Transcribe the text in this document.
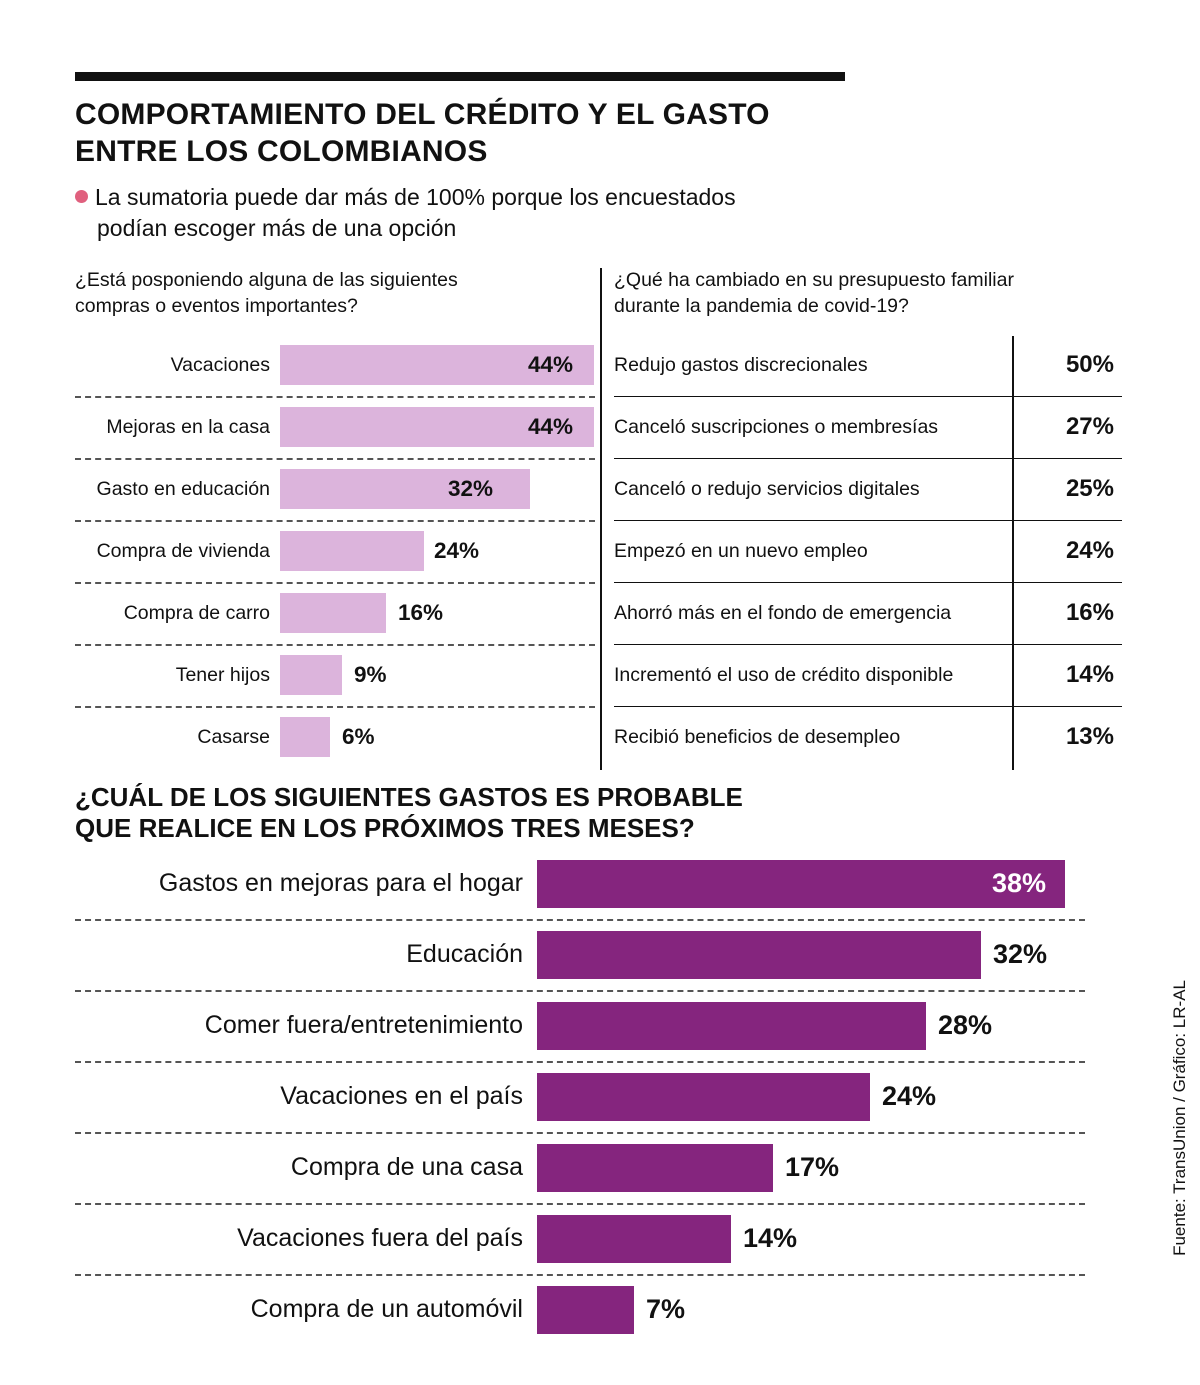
COMPORTAMIENTO DEL CRÉDITO Y EL GASTO
ENTRE LOS COLOMBIANOS
La sumatoria puede dar más de 100% porque los encuestados
podían escoger más de una opción
¿Está posponiendo alguna de las siguientes
compras o eventos importantes?
Vacaciones	44%
Mejoras en la casa	44%
Gasto en educación	32%
Compra de vivienda	24%
Compra de carro	16%
Tener hijos	9%
Casarse	6%
¿Qué ha cambiado en su presupuesto familiar
durante la pandemia de covid-19?
Redujo gastos discrecionales	50%
Canceló suscripciones o membresías	27%
Canceló o redujo servicios digitales	25%
Empezó en un nuevo empleo	24%
Ahorró más en el fondo de emergencia	16%
Incrementó el uso de crédito disponible	14%
Recibió beneficios de desempleo	13%
¿CUÁL DE LOS SIGUIENTES GASTOS ES PROBABLE
QUE REALICE EN LOS PRÓXIMOS TRES MESES?
Gastos en mejoras para el hogar	38%
Educación	32%
Comer fuera/entretenimiento	28%
Vacaciones en el país	24%
Compra de una casa	17%
Vacaciones fuera del país	14%
Compra de un automóvil	7%
Fuente: TransUnion / Gráfico: LR-AL
